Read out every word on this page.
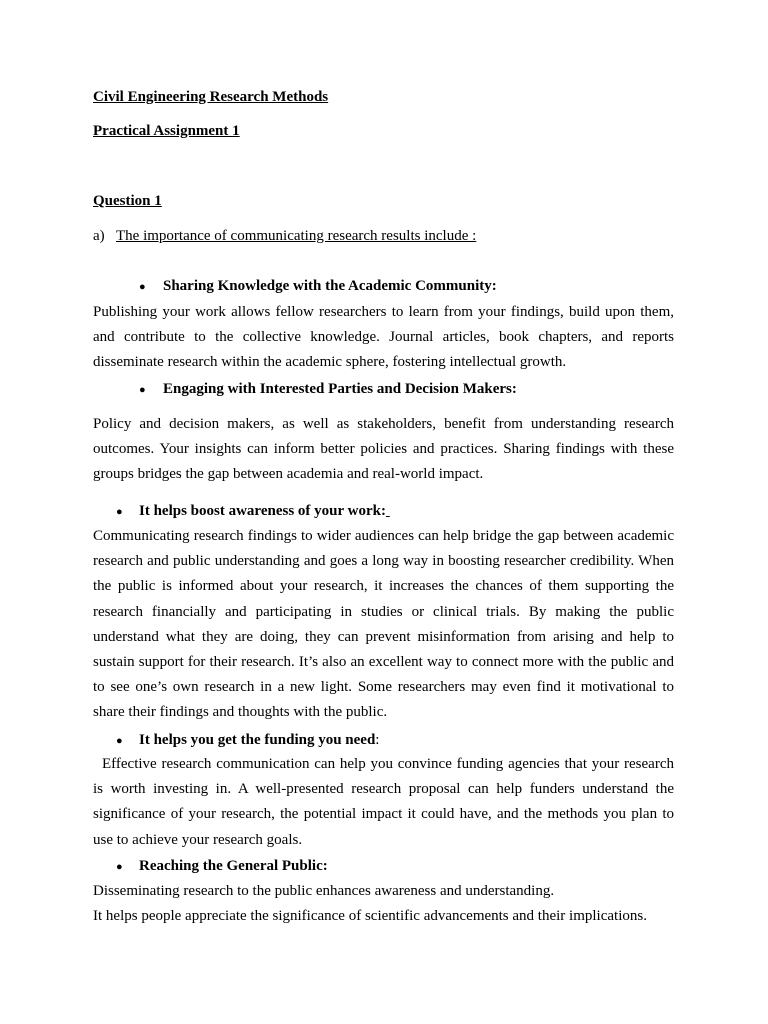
Civil Engineering Research Methods

Practical Assignment 1

Question 1

a) The importance of communicating research results include :

● Sharing Knowledge with the Academic Community:

Publishing your work allows fellow researchers to learn from your findings, build upon them, and contribute to the collective knowledge. Journal articles, book chapters, and reports disseminate research within the academic sphere, fostering intellectual growth.

● Engaging with Interested Parties and Decision Makers:

Policy and decision makers, as well as stakeholders, benefit from understanding research outcomes. Your insights can inform better policies and practices. Sharing findings with these groups bridges the gap between academia and real-world impact.

● It helps boost awareness of your work:

Communicating research findings to wider audiences can help bridge the gap between academic research and public understanding and goes a long way in boosting researcher credibility. When the public is informed about your research, it increases the chances of them supporting the research financially and participating in studies or clinical trials. By making the public understand what they are doing, they can prevent misinformation from arising and help to sustain support for their research. It’s also an excellent way to connect more with the public and to see one’s own research in a new light. Some researchers may even find it motivational to share their findings and thoughts with the public.

● It helps you get the funding you need:

Effective research communication can help you convince funding agencies that your research is worth investing in. A well-presented research proposal can help funders understand the significance of your research, the potential impact it could have, and the methods you plan to use to achieve your research goals.

● Reaching the General Public:

Disseminating research to the public enhances awareness and understanding.

It helps people appreciate the significance of scientific advancements and their implications.
